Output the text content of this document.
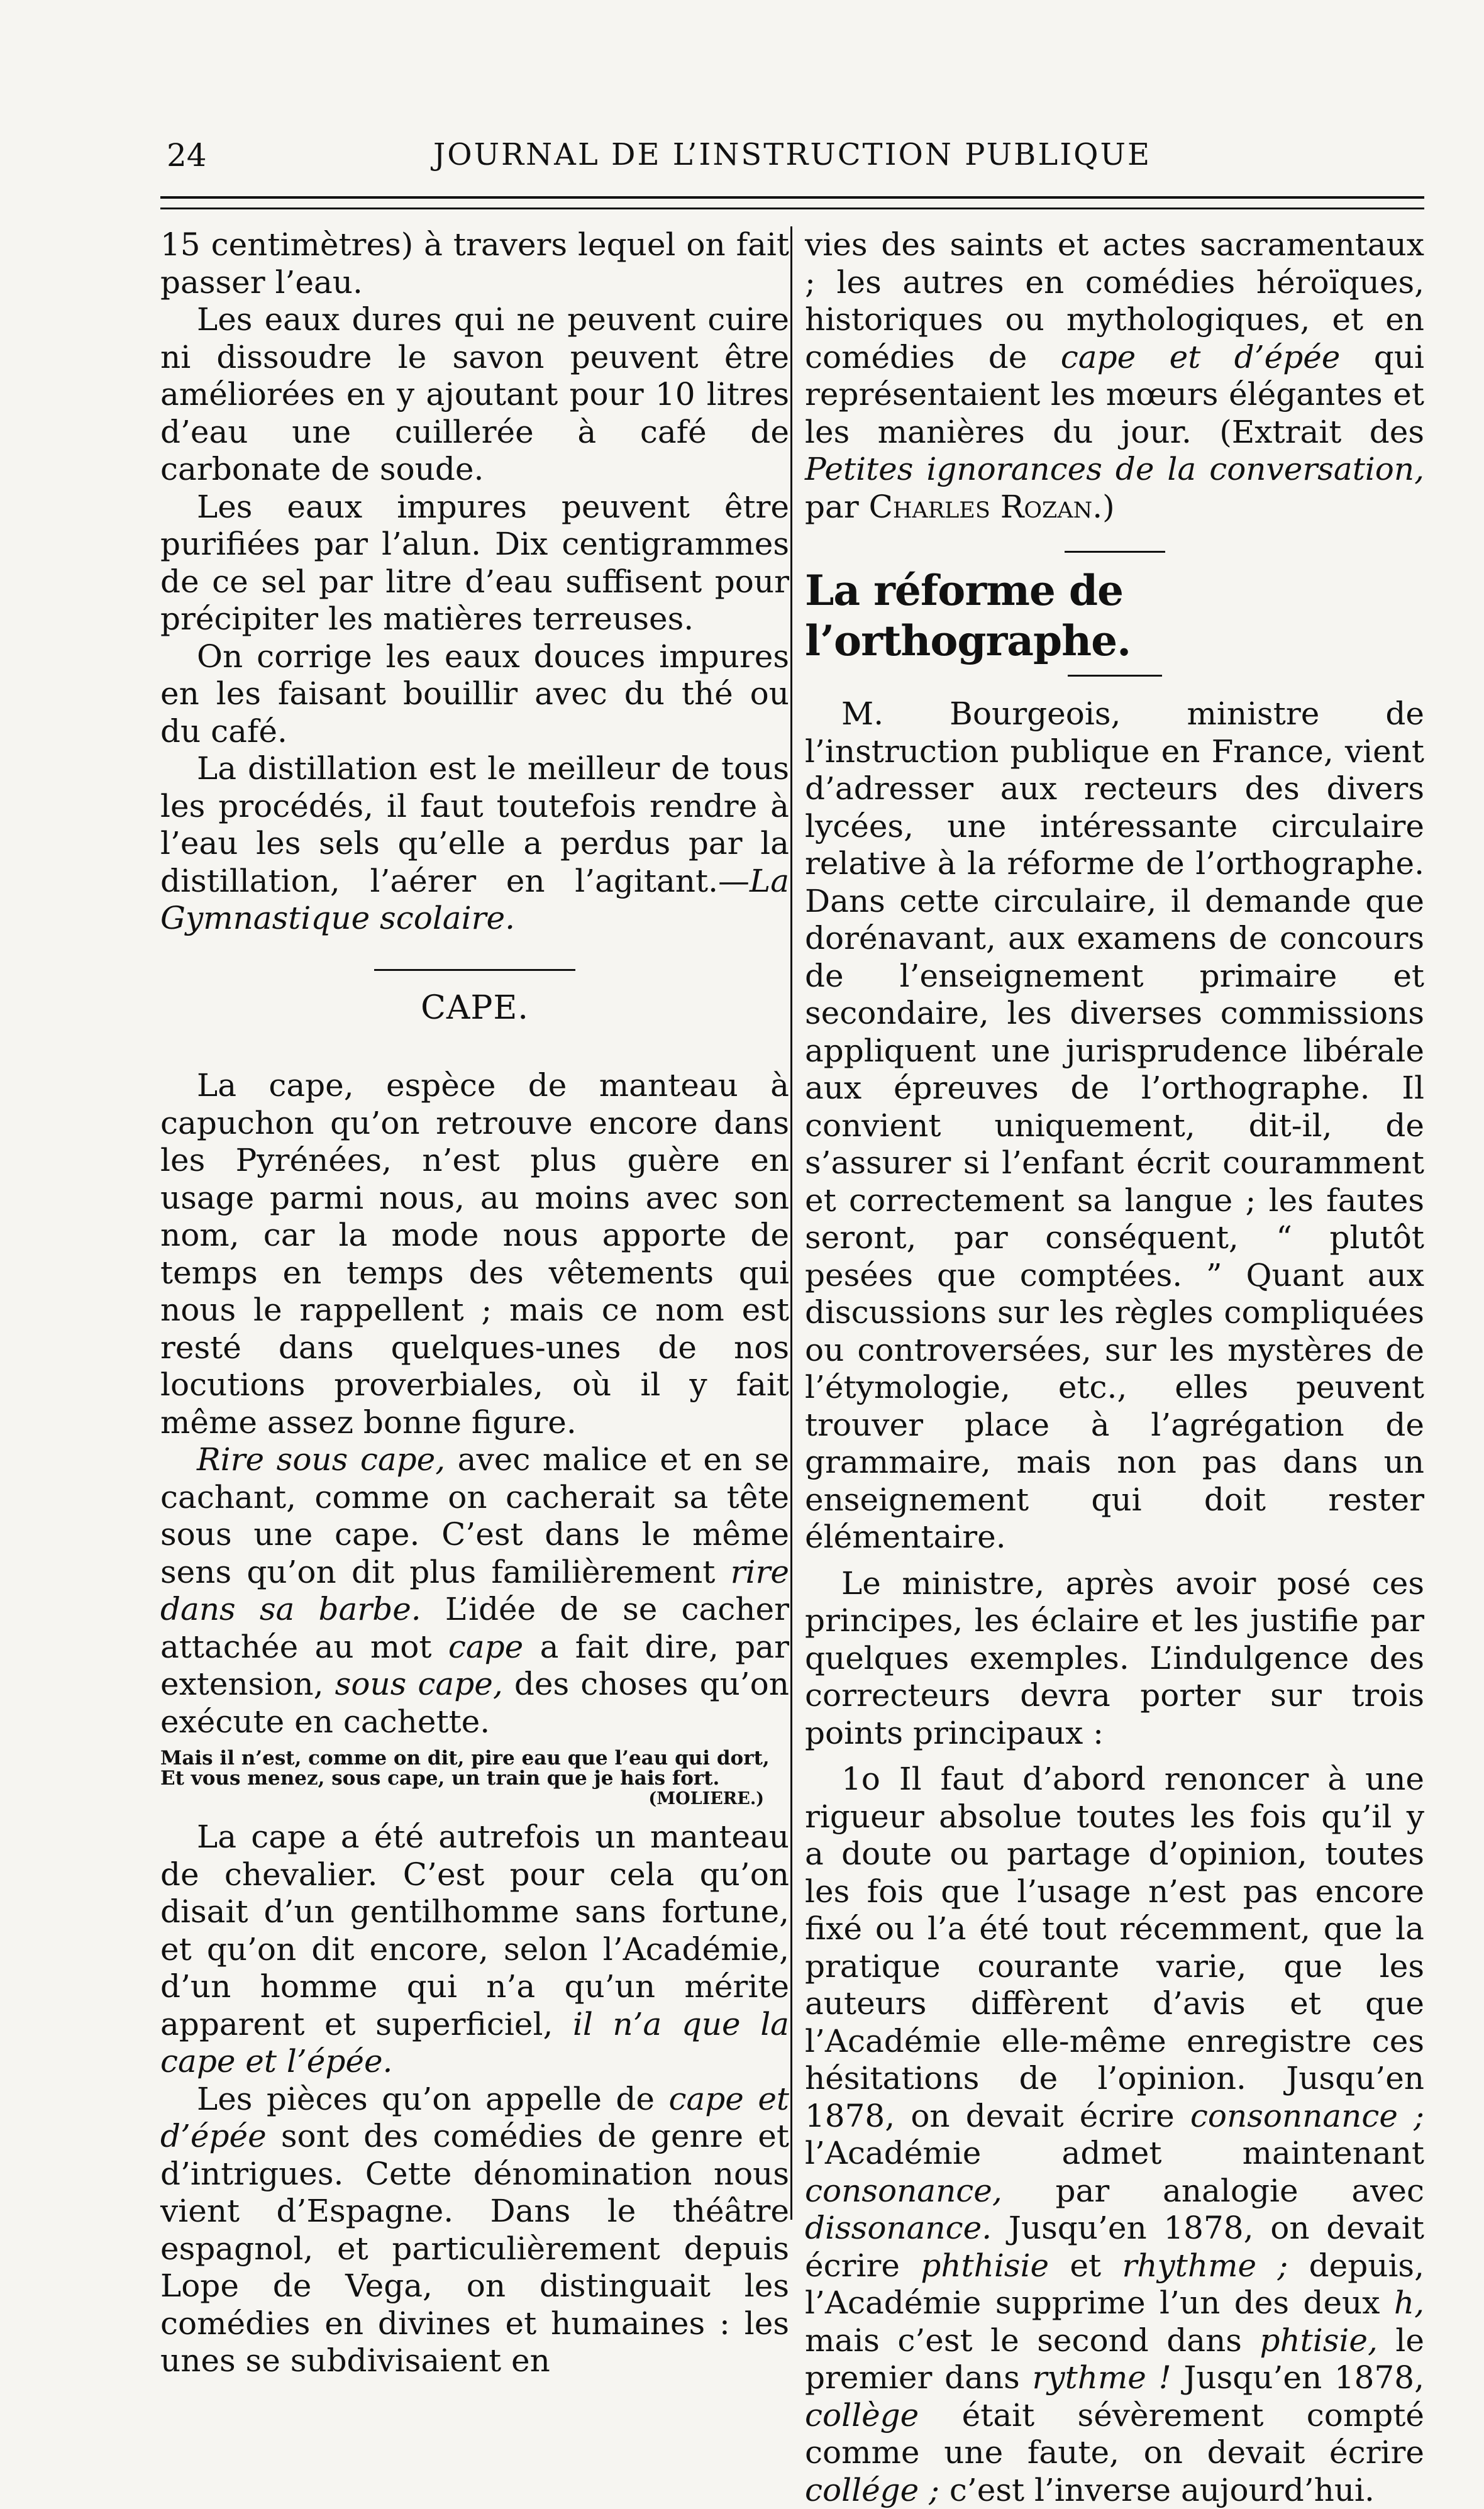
24	JOURNAL DE L’INSTRUCTION PUBLIQUE

15 centimètres) à travers lequel on fait passer l’eau.

Les eaux dures qui ne peuvent cuire ni dissoudre le savon peuvent être améliorées en y ajoutant pour 10 litres d’eau une cuillerée à café de carbonate de soude.

Les eaux impures peuvent être purifiées par l’alun. Dix centigrammes de ce sel par litre d’eau suffisent pour précipiter les matières terreuses.

On corrige les eaux douces impures en les faisant bouillir avec du thé ou du café.

La distillation est le meilleur de tous les procédés, il faut toutefois rendre à l’eau les sels qu’elle a perdus par la distillation, l’aérer en l’agitant.—La Gymnastique scolaire.

CAPE.

La cape, espèce de manteau à capuchon qu’on retrouve encore dans les Pyrénées, n’est plus guère en usage parmi nous, au moins avec son nom, car la mode nous apporte de temps en temps des vêtements qui nous le rappellent ; mais ce nom est resté dans quelques-unes de nos locutions proverbiales, où il y fait même assez bonne figure.

Rire sous cape, avec malice et en se cachant, comme on cacherait sa tête sous une cape. C’est dans le même sens qu’on dit plus familièrement rire dans sa barbe. L’idée de se cacher attachée au mot cape a fait dire, par extension, sous cape, des choses qu’on exécute en cachette.

Mais il n’est, comme on dit, pire eau que l’eau qui dort,
Et vous menez, sous cape, un train que je hais fort.
(MOLIERE.)

La cape a été autrefois un manteau de chevalier. C’est pour cela qu’on disait d’un gentilhomme sans fortune, et qu’on dit encore, selon l’Académie, d’un homme qui n’a qu’un mérite apparent et superficiel, il n’a que la cape et l’épée.

Les pièces qu’on appelle de cape et d’épée sont des comédies de genre et d’intrigues. Cette dénomination nous vient d’Espagne. Dans le théâtre espagnol, et particulièrement depuis Lope de Vega, on distinguait les comédies en divines et humaines : les unes se subdivisaient en

vies des saints et actes sacramentaux ; les autres en comédies héroïques, historiques ou mythologiques, et en comédies de cape et d’épée qui représentaient les mœurs élégantes et les manières du jour. (Extrait des Petites ignorances de la conversation, par Charles Rozan.)

La réforme de l’orthographe.

M. Bourgeois, ministre de l’instruction publique en France, vient d’adresser aux recteurs des divers lycées, une intéressante circulaire relative à la réforme de l’orthographe. Dans cette circulaire, il demande que dorénavant, aux examens de concours de l’enseignement primaire et secondaire, les diverses commissions appliquent une jurisprudence libérale aux épreuves de l’orthographe. Il convient uniquement, dit-il, de s’assurer si l’enfant écrit couramment et correctement sa langue ; les fautes seront, par conséquent, “ plutôt pesées que comptées. ” Quant aux discussions sur les règles compliquées ou controversées, sur les mystères de l’étymologie, etc., elles peuvent trouver place à l’agrégation de grammaire, mais non pas dans un enseignement qui doit rester élémentaire.

Le ministre, après avoir posé ces principes, les éclaire et les justifie par quelques exemples. L’indulgence des correcteurs devra porter sur trois points principaux :

1o Il faut d’abord renoncer à une rigueur absolue toutes les fois qu’il y a doute ou partage d’opinion, toutes les fois que l’usage n’est pas encore fixé ou l’a été tout récemment, que la pratique courante varie, que les auteurs diffèrent d’avis et que l’Académie elle-même enregistre ces hésitations de l’opinion. Jusqu’en 1878, on devait écrire consonnance ; l’Académie admet maintenant consonance, par analogie avec dissonance. Jusqu’en 1878, on devait écrire phthisie et rhythme ; depuis, l’Académie supprime l’un des deux h, mais c’est le second dans phtisie, le premier dans rythme ! Jusqu’en 1878, collège était sévèrement compté comme une faute, on devait écrire collége ; c’est l’inverse aujourd’hui.
